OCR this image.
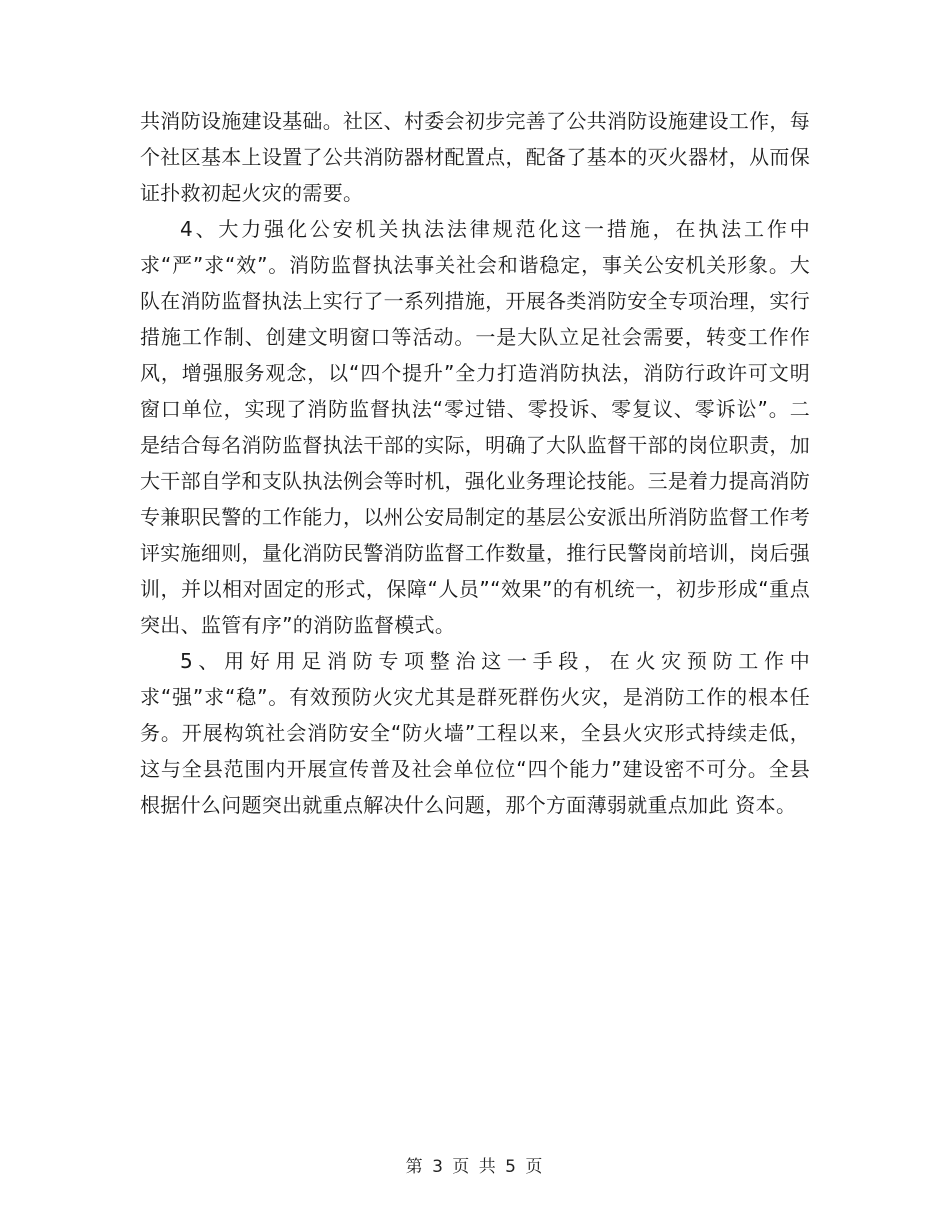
共消防设施建设基础。社区、村委会初步完善了公共消防设施建设工作，每个社区基本上设置了公共消防器材配置点，配备了基本的灭火器材，从而保证扑救初起火灾的需要。

4、大力强化公安机关执法法律规范化这一措施，在执法工作中求“严”求“效”。消防监督执法事关社会和谐稳定，事关公安机关形象。大队在消防监督执法上实行了一系列措施，开展各类消防安全专项治理，实行措施工作制、创建文明窗口等活动。一是大队立足社会需要，转变工作作风，增强服务观念，以“四个提升”全力打造消防执法，消防行政许可文明窗口单位，实现了消防监督执法“零过错、零投诉、零复议、零诉讼”。二是结合每名消防监督执法干部的实际，明确了大队监督干部的岗位职责，加大干部自学和支队执法例会等时机，强化业务理论技能。三是着力提高消防专兼职民警的工作能力，以州公安局制定的基层公安派出所消防监督工作考评实施细则，量化消防民警消防监督工作数量，推行民警岗前培训，岗后强训，并以相对固定的形式，保障“人员”“效果”的有机统一，初步形成“重点突出、监管有序”的消防监督模式。

5、用好用足消防专项整治这一手段，在火灾预防工作中求“强”求“稳”。有效预防火灾尤其是群死群伤火灾，是消防工作的根本任务。开展构筑社会消防安全“防火墙”工程以来，全县火灾形式持续走低，这与全县范围内开展宣传普及社会单位位“四个能力”建设密不可分。全县根据什么问题突出就重点解决什么问题，那个方面薄弱就重点加此 资本。

第 3 页 共 5 页
